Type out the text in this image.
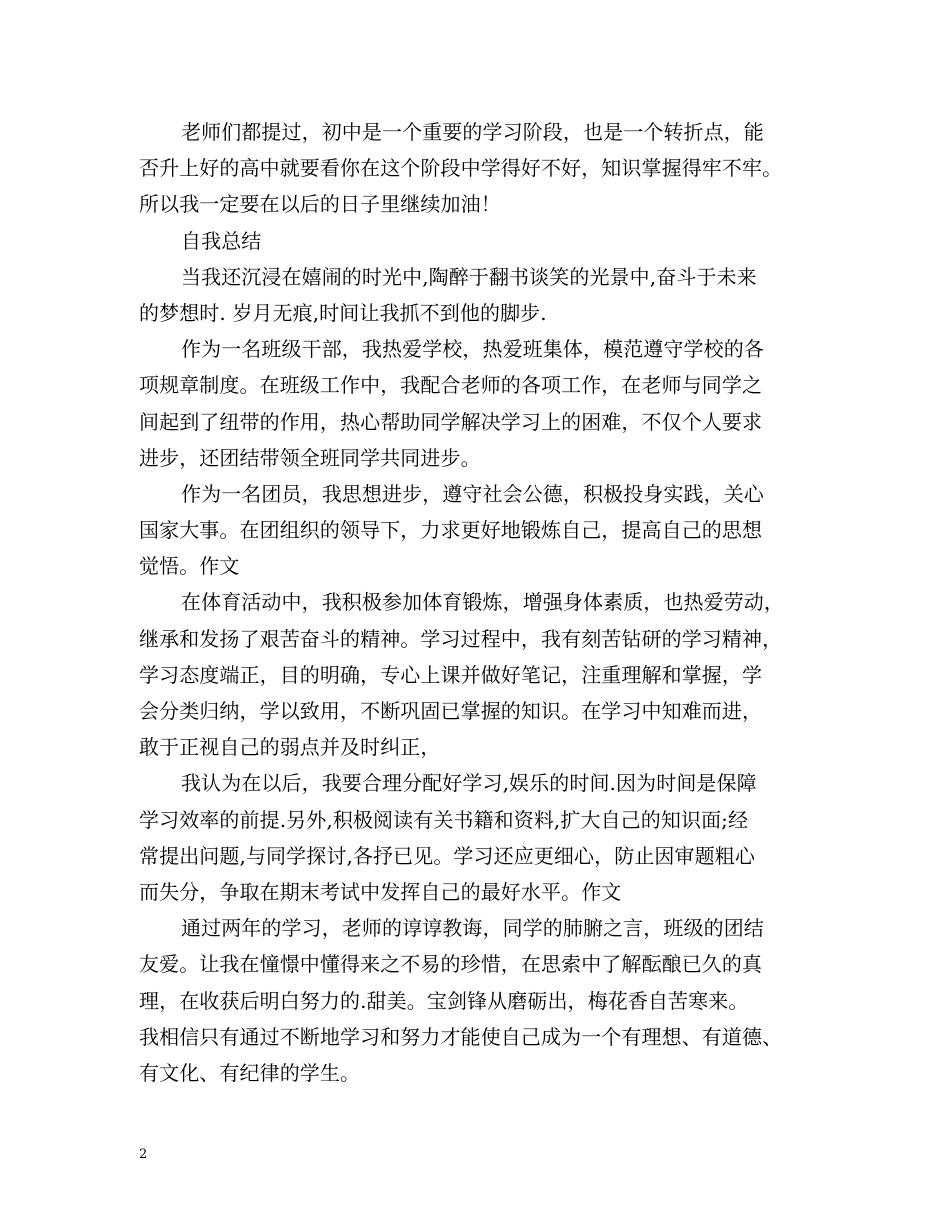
老师们都提过，初中是一个重要的学习阶段，也是一个转折点，能
否升上好的高中就要看你在这个阶段中学得好不好，知识掌握得牢不牢。
所以我一定要在以后的日子里继续加油！
自我总结
当我还沉浸在嬉闹的时光中,陶醉于翻书谈笑的光景中,奋斗于未来
的梦想时. 岁月无痕,时间让我抓不到他的脚步.
作为一名班级干部，我热爱学校，热爱班集体，模范遵守学校的各
项规章制度。在班级工作中，我配合老师的各项工作，在老师与同学之
间起到了纽带的作用，热心帮助同学解决学习上的困难，不仅个人要求
进步，还团结带领全班同学共同进步。
作为一名团员，我思想进步，遵守社会公德，积极投身实践，关心
国家大事。在团组织的领导下，力求更好地锻炼自己，提高自己的思想
觉悟。作文
在体育活动中，我积极参加体育锻炼，增强身体素质，也热爱劳动，
继承和发扬了艰苦奋斗的精神。学习过程中，我有刻苦钻研的学习精神，
学习态度端正，目的明确，专心上课并做好笔记，注重理解和掌握，学
会分类归纳，学以致用，不断巩固已掌握的知识。在学习中知难而进，
敢于正视自己的弱点并及时纠正，
我认为在以后，我要合理分配好学习,娱乐的时间.因为时间是保障
学习效率的前提.另外,积极阅读有关书籍和资料,扩大自己的知识面;经
常提出问题,与同学探讨,各抒已见。学习还应更细心，防止因审题粗心
而失分，争取在期末考试中发挥自己的最好水平。作文
通过两年的学习，老师的谆谆教诲，同学的肺腑之言，班级的团结
友爱。让我在憧憬中懂得来之不易的珍惜，在思索中了解酝酿已久的真
理，在收获后明白努力的.甜美。宝剑锋从磨砺出，梅花香自苦寒来。
我相信只有通过不断地学习和努力才能使自己成为一个有理想、有道德、
有文化、有纪律的学生。
2
